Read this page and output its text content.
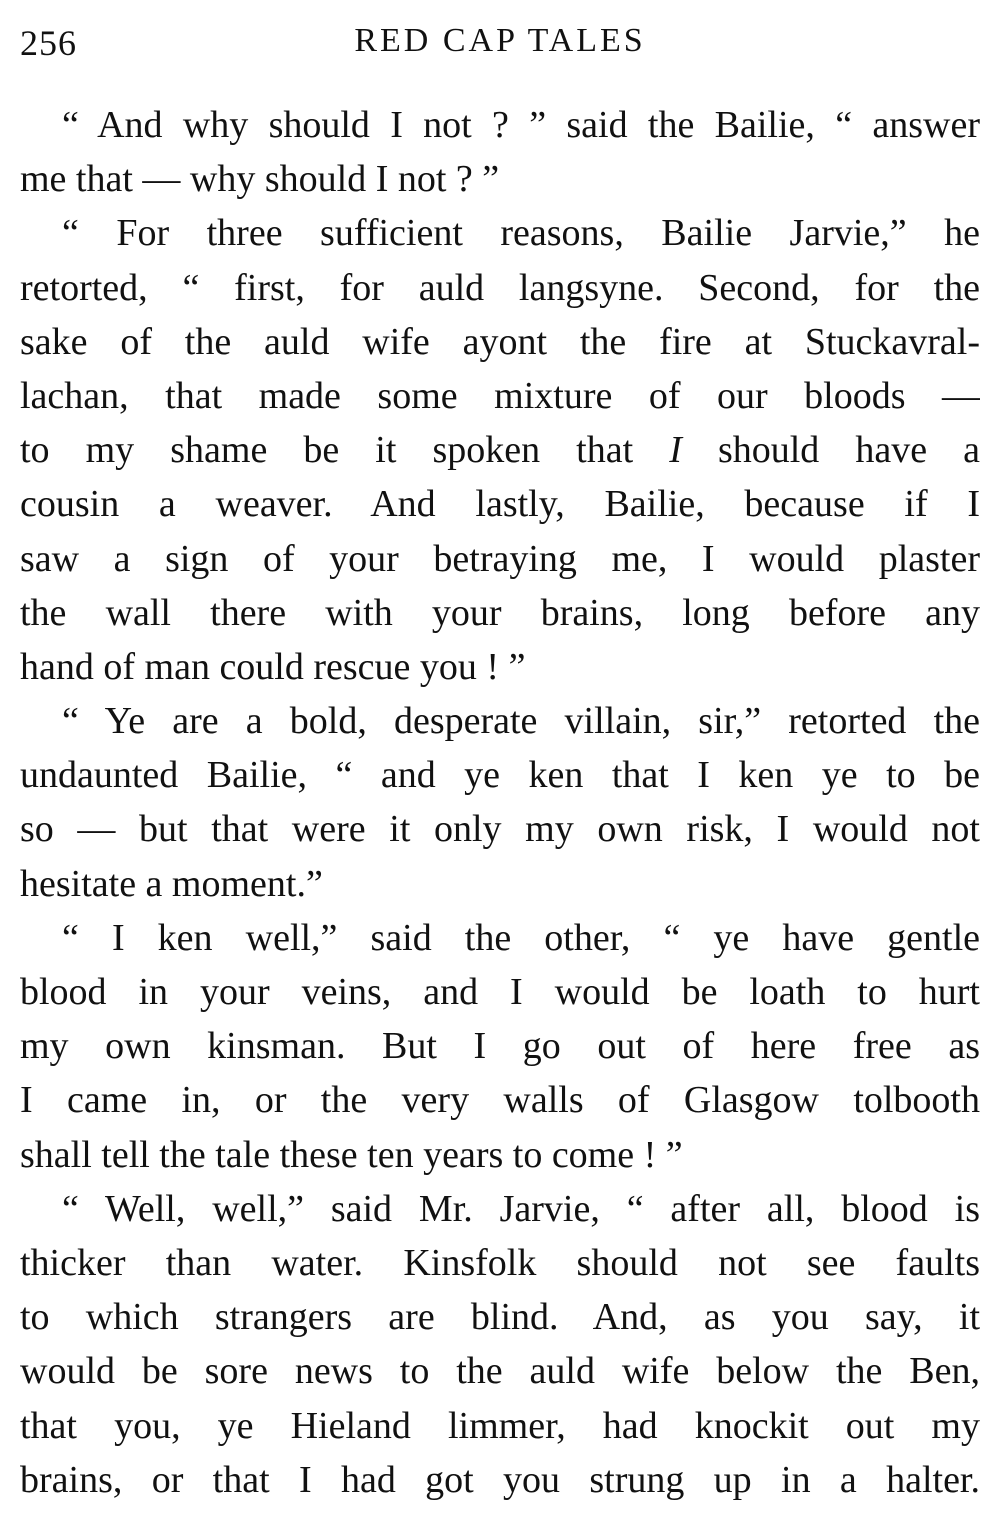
256	RED CAP TALES
“ And why should I not ? ” said the Bailie, “ answer
me that — why should I not ? ”
“ For three sufficient reasons, Bailie Jarvie,” he
retorted, “ first, for auld langsyne. Second, for the
sake of the auld wife ayont the fire at Stuckavral-
lachan, that made some mixture of our bloods —
to my shame be it spoken that I should have a
cousin a weaver. And lastly, Bailie, because if I
saw a sign of your betraying me, I would plaster
the wall there with your brains, long before any
hand of man could rescue you ! ”
“ Ye are a bold, desperate villain, sir,” retorted the
undaunted Bailie, “ and ye ken that I ken ye to be
so — but that were it only my own risk, I would not
hesitate a moment.”
“ I ken well,” said the other, “ ye have gentle
blood in your veins, and I would be loath to hurt
my own kinsman. But I go out of here free as
I came in, or the very walls of Glasgow tolbooth
shall tell the tale these ten years to come ! ”
“ Well, well,” said Mr. Jarvie, “ after all, blood is
thicker than water. Kinsfolk should not see faults
to which strangers are blind. And, as you say, it
would be sore news to the auld wife below the Ben,
that you, ye Hieland limmer, had knockit out my
brains, or that I had got you strung up in a halter.
